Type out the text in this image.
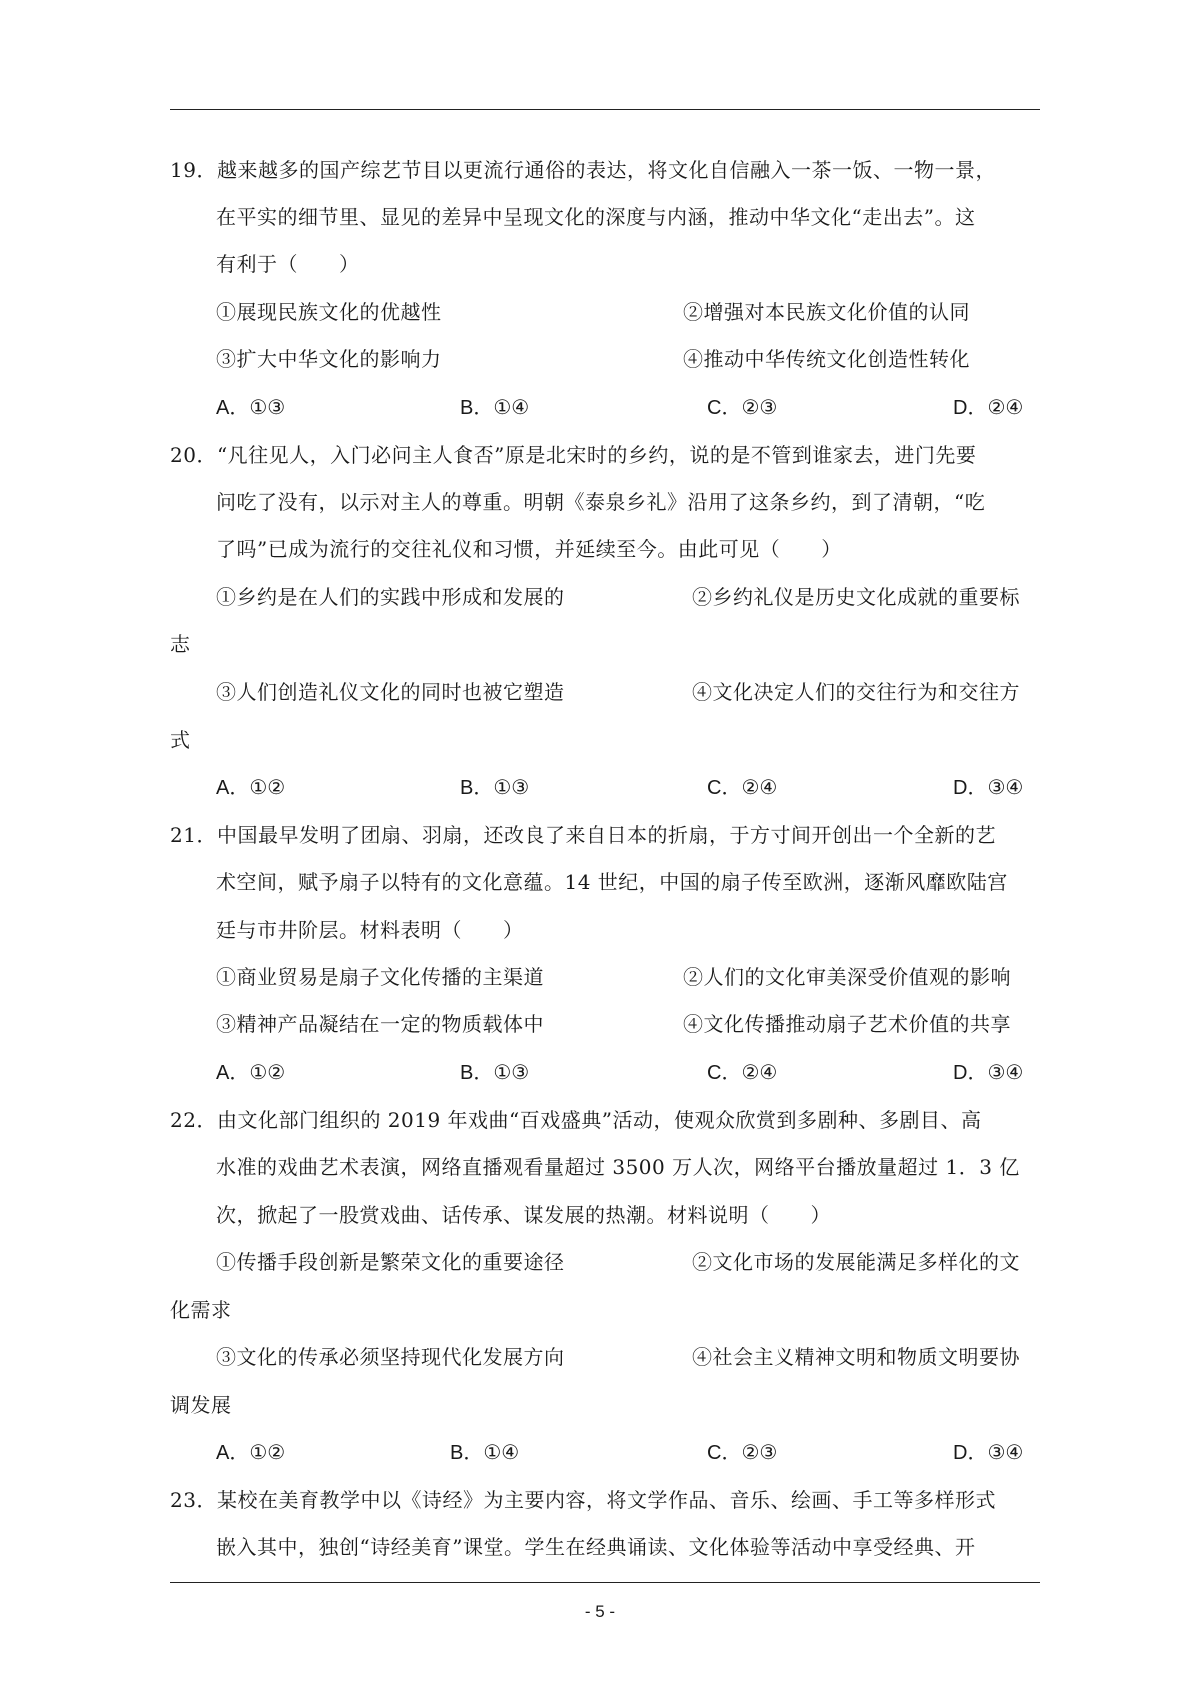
19．越来越多的国产综艺节目以更流行通俗的表达，将文化自信融入一茶一饭、一物一景，
在平实的细节里、显见的差异中呈现文化的深度与内涵，推动中华文化“走出去”。这
有利于（　　）
①展现民族文化的优越性	②增强对本民族文化价值的认同
③扩大中华文化的影响力	④推动中华传统文化创造性转化
A．①③	B．①④	C．②③	D．②④
20．“凡往见人，入门必问主人食否”原是北宋时的乡约，说的是不管到谁家去，进门先要
问吃了没有，以示对主人的尊重。明朝《泰泉乡礼》沿用了这条乡约，到了清朝，“吃
了吗”已成为流行的交往礼仪和习惯，并延续至今。由此可见（　　）
①乡约是在人们的实践中形成和发展的	②乡约礼仪是历史文化成就的重要标
志
③人们创造礼仪文化的同时也被它塑造	④文化决定人们的交往行为和交往方
式
A．①②	B．①③	C．②④	D．③④
21．中国最早发明了团扇、羽扇，还改良了来自日本的折扇，于方寸间开创出一个全新的艺
术空间，赋予扇子以特有的文化意蕴。14 世纪，中国的扇子传至欧洲，逐渐风靡欧陆宫
廷与市井阶层。材料表明（　　）
①商业贸易是扇子文化传播的主渠道	②人们的文化审美深受价值观的影响
③精神产品凝结在一定的物质载体中	④文化传播推动扇子艺术价值的共享
A．①②	B．①③	C．②④	D．③④
22．由文化部门组织的 2019 年戏曲“百戏盛典”活动，使观众欣赏到多剧种、多剧目、高
水准的戏曲艺术表演，网络直播观看量超过 3500 万人次，网络平台播放量超过 1．3 亿
次，掀起了一股赏戏曲、话传承、谋发展的热潮。材料说明（　　）
①传播手段创新是繁荣文化的重要途径	②文化市场的发展能满足多样化的文
化需求
③文化的传承必须坚持现代化发展方向	④社会主义精神文明和物质文明要协
调发展
A．①②	B．①④	C．②③	D．③④
23．某校在美育教学中以《诗经》为主要内容，将文学作品、音乐、绘画、手工等多样形式
嵌入其中，独创“诗经美育”课堂。学生在经典诵读、文化体验等活动中享受经典、开
- 5 -
